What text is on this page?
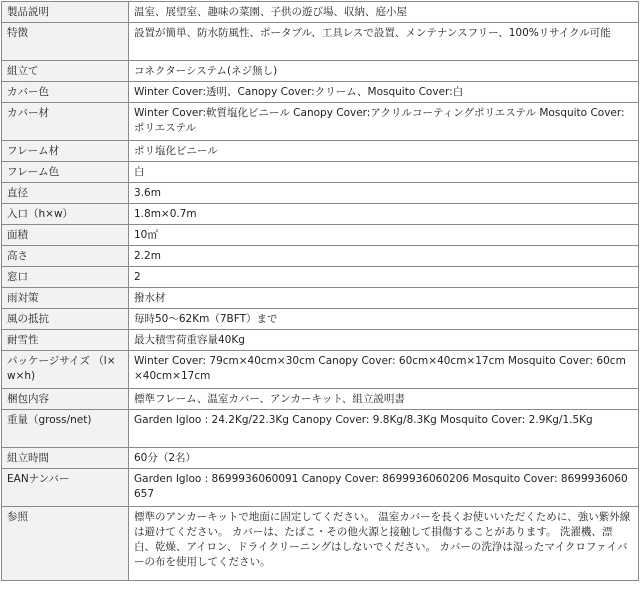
製品説明	温室、展望室、趣味の菜園、子供の遊び場、収納、庭小屋
特徴	設置が簡単、防水防風性、ポータブル、工具レスで設置、メンテナンスフリー、100%リサイクル可能
組立て	コネクターシステム(ネジ無し)
カバー色	Winter Cover:透明、Canopy Cover:クリーム、Mosquito Cover:白
カバー材	Winter Cover:軟質塩化ビニール Canopy Cover:アクリルコーティングポリエステル Mosquito Cover:ポリエステル
フレーム材	ポリ塩化ビニール
フレーム色	白
直径	3.6m
入口（h×w）	1.8m×0.7m
面積	10㎡
高さ	2.2m
窓口	2
雨対策	撥水材
風の抵抗	毎時50～62Km（7BFT）まで
耐雪性	最大積雪荷重容量40Kg
パッケージサイズ （l×w×h)	Winter Cover: 79cm×40cm×30cm Canopy Cover: 60cm×40cm×17cm Mosquito Cover: 60cm×40cm×17cm
梱包内容	標準フレーム、温室カバー、アンカーキット、組立説明書
重量（gross/net)	Garden Igloo : 24.2Kg/22.3Kg Canopy Cover: 9.8Kg/8.3Kg Mosquito Cover: 2.9Kg/1.5Kg
組立時間	60分（2名）
EANナンバー	Garden Igloo : 8699936060091 Canopy Cover: 8699936060206 Mosquito Cover: 8699936060657
参照	標準のアンカーキットで地面に固定してください。 温室カバーを長くお使いいただくために、強い紫外線は避けてください。 カバーは、たばこ・その他火源と接触して損傷することがあります。 洗濯機、漂白、乾燥、アイロン、ドライクリーニングはしないでください。 カバーの洗浄は湿ったマイクロファイバーの布を使用してください。
